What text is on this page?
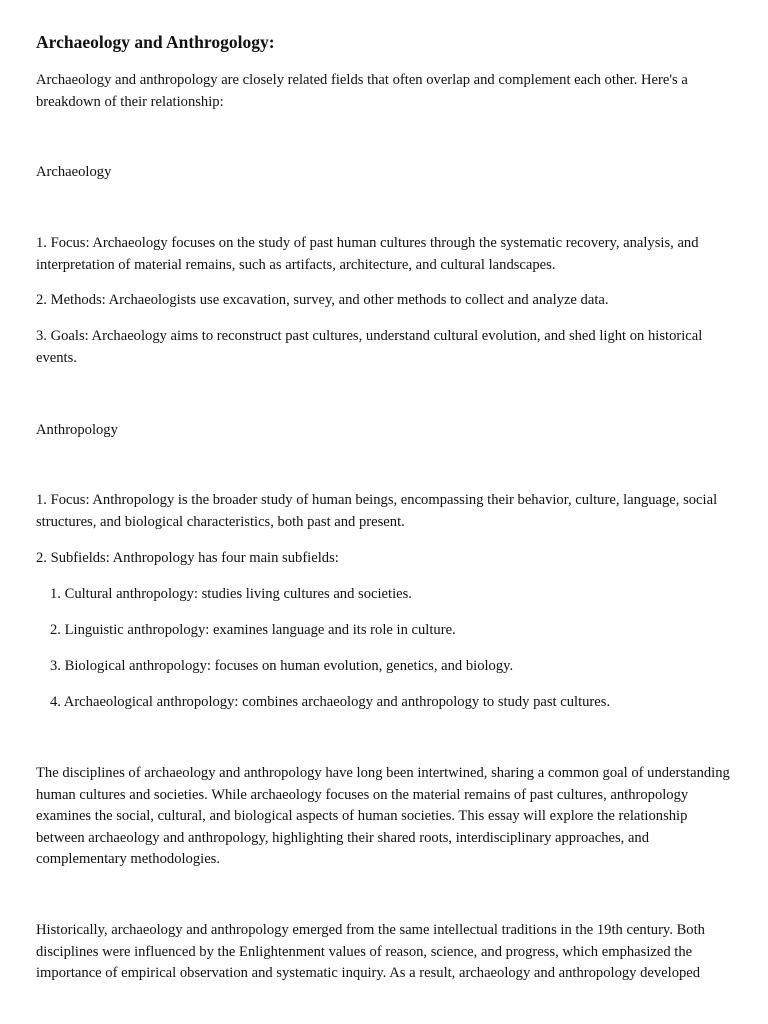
Archaeology and Anthrogology:

Archaeology and anthropology are closely related fields that often overlap and complement each other. Here's a breakdown of their relationship:

Archaeology

1. Focus: Archaeology focuses on the study of past human cultures through the systematic recovery, analysis, and interpretation of material remains, such as artifacts, architecture, and cultural landscapes.

2. Methods: Archaeologists use excavation, survey, and other methods to collect and analyze data.

3. Goals: Archaeology aims to reconstruct past cultures, understand cultural evolution, and shed light on historical events.

Anthropology

1. Focus: Anthropology is the broader study of human beings, encompassing their behavior, culture, language, social structures, and biological characteristics, both past and present.

2. Subfields: Anthropology has four main subfields:

1. Cultural anthropology: studies living cultures and societies.

2. Linguistic anthropology: examines language and its role in culture.

3. Biological anthropology: focuses on human evolution, genetics, and biology.

4. Archaeological anthropology: combines archaeology and anthropology to study past cultures.

The disciplines of archaeology and anthropology have long been intertwined, sharing a common goal of understanding human cultures and societies. While archaeology focuses on the material remains of past cultures, anthropology examines the social, cultural, and biological aspects of human societies. This essay will explore the relationship between archaeology and anthropology, highlighting their shared roots, interdisciplinary approaches, and complementary methodologies.

Historically, archaeology and anthropology emerged from the same intellectual traditions in the 19th century. Both disciplines were influenced by the Enlightenment values of reason, science, and progress, which emphasized the importance of empirical observation and systematic inquiry. As a result, archaeology and anthropology developed
